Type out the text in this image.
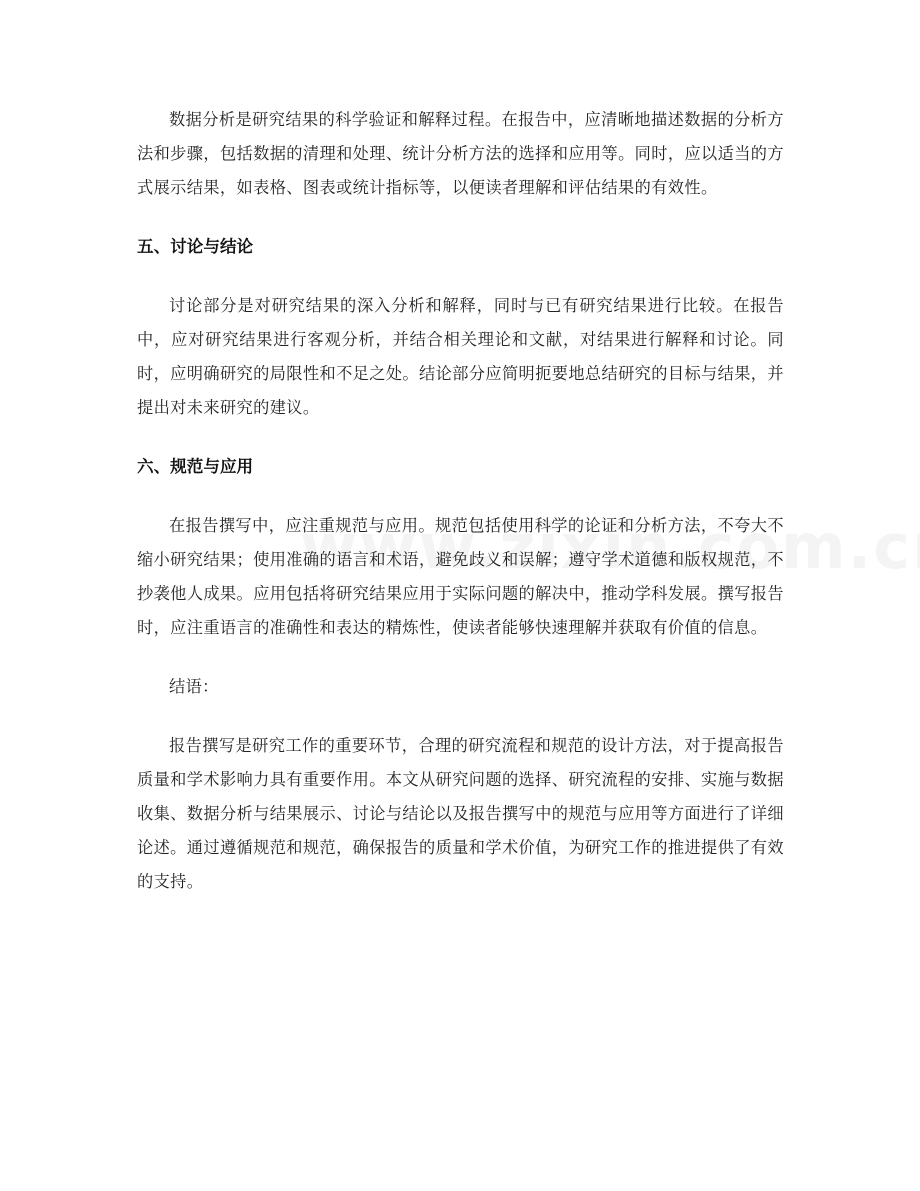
数据分析是研究结果的科学验证和解释过程。在报告中，应清晰地描述数据的分析方法和步骤，包括数据的清理和处理、统计分析方法的选择和应用等。同时，应以适当的方式展示结果，如表格、图表或统计指标等，以便读者理解和评估结果的有效性。

五、讨论与结论

讨论部分是对研究结果的深入分析和解释，同时与已有研究结果进行比较。在报告中，应对研究结果进行客观分析，并结合相关理论和文献，对结果进行解释和讨论。同时，应明确研究的局限性和不足之处。结论部分应简明扼要地总结研究的目标与结果，并提出对未来研究的建议。

六、规范与应用

在报告撰写中，应注重规范与应用。规范包括使用科学的论证和分析方法，不夸大不缩小研究结果；使用准确的语言和术语，避免歧义和误解；遵守学术道德和版权规范，不抄袭他人成果。应用包括将研究结果应用于实际问题的解决中，推动学科发展。撰写报告时，应注重语言的准确性和表达的精炼性，使读者能够快速理解并获取有价值的信息。

结语：

报告撰写是研究工作的重要环节，合理的研究流程和规范的设计方法，对于提高报告质量和学术影响力具有重要作用。本文从研究问题的选择、研究流程的安排、实施与数据收集、数据分析与结果展示、讨论与结论以及报告撰写中的规范与应用等方面进行了详细论述。通过遵循规范和规范，确保报告的质量和学术价值，为研究工作的推进提供了有效的支持。
